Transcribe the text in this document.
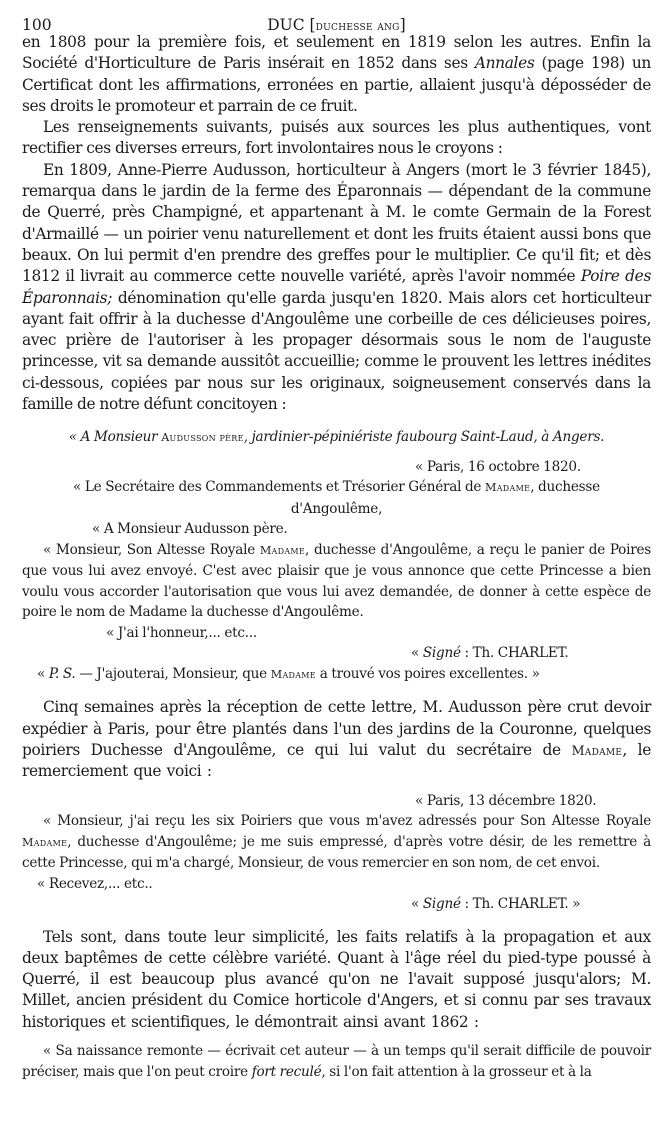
100	DUC [duchesse ang]

en 1808 pour la première fois, et seulement en 1819 selon les autres. Enfin la Société d'Horticulture de Paris insérait en 1852 dans ses Annales (page 198) un Certificat dont les affirmations, erronées en partie, allaient jusqu'à déposséder de ses droits le promoteur et parrain de ce fruit.

Les renseignements suivants, puisés aux sources les plus authentiques, vont rectifier ces diverses erreurs, fort involontaires nous le croyons :

En 1809, Anne-Pierre Audusson, horticulteur à Angers (mort le 3 février 1845), remarqua dans le jardin de la ferme des Éparonnais — dépendant de la commune de Querré, près Champigné, et appartenant à M. le comte Germain de la Forest d'Armaillé — un poirier venu naturellement et dont les fruits étaient aussi bons que beaux. On lui permit d'en prendre des greffes pour le multiplier. Ce qu'il fit; et dès 1812 il livrait au commerce cette nouvelle variété, après l'avoir nommée Poire des Éparonnais; dénomination qu'elle garda jusqu'en 1820. Mais alors cet horticulteur ayant fait offrir à la duchesse d'Angoulême une corbeille de ces délicieuses poires, avec prière de l'autoriser à les propager désormais sous le nom de l'auguste princesse, vit sa demande aussitôt accueillie; comme le prouvent les lettres inédites ci-dessous, copiées par nous sur les originaux, soigneusement conservés dans la famille de notre défunt concitoyen :

« A Monsieur Audusson père, jardinier-pépiniériste faubourg Saint-Laud, à Angers.

« Paris, 16 octobre 1820.

« Le Secrétaire des Commandements et Trésorier Général de Madame, duchesse d'Angoulême,

« A Monsieur Audusson père.

« Monsieur, Son Altesse Royale Madame, duchesse d'Angoulême, a reçu le panier de Poires que vous lui avez envoyé. C'est avec plaisir que je vous annonce que cette Princesse a bien voulu vous accorder l'autorisation que vous lui avez demandée, de donner à cette espèce de poire le nom de Madame la duchesse d'Angoulême.

« J'ai l'honneur,... etc...

« Signé : Th. CHARLET.

« P. S. — J'ajouterai, Monsieur, que Madame a trouvé vos poires excellentes. »

Cinq semaines après la réception de cette lettre, M. Audusson père crut devoir expédier à Paris, pour être plantés dans l'un des jardins de la Couronne, quelques poiriers Duchesse d'Angoulême, ce qui lui valut du secrétaire de Madame, le remerciement que voici :

« Paris, 13 décembre 1820.

« Monsieur, j'ai reçu les six Poiriers que vous m'avez adressés pour Son Altesse Royale Madame, duchesse d'Angoulême; je me suis empressé, d'après votre désir, de les remettre à cette Princesse, qui m'a chargé, Monsieur, de vous remercier en son nom, de cet envoi.

« Recevez,... etc..

« Signé : Th. CHARLET. »

Tels sont, dans toute leur simplicité, les faits relatifs à la propagation et aux deux baptêmes de cette célèbre variété. Quant à l'âge réel du pied-type poussé à Querré, il est beaucoup plus avancé qu'on ne l'avait supposé jusqu'alors; M. Millet, ancien président du Comice horticole d'Angers, et si connu par ses travaux historiques et scientifiques, le démontrait ainsi avant 1862 :

« Sa naissance remonte — écrivait cet auteur — à un temps qu'il serait difficile de pouvoir préciser, mais que l'on peut croire fort reculé, si l'on fait attention à la grosseur et à la
